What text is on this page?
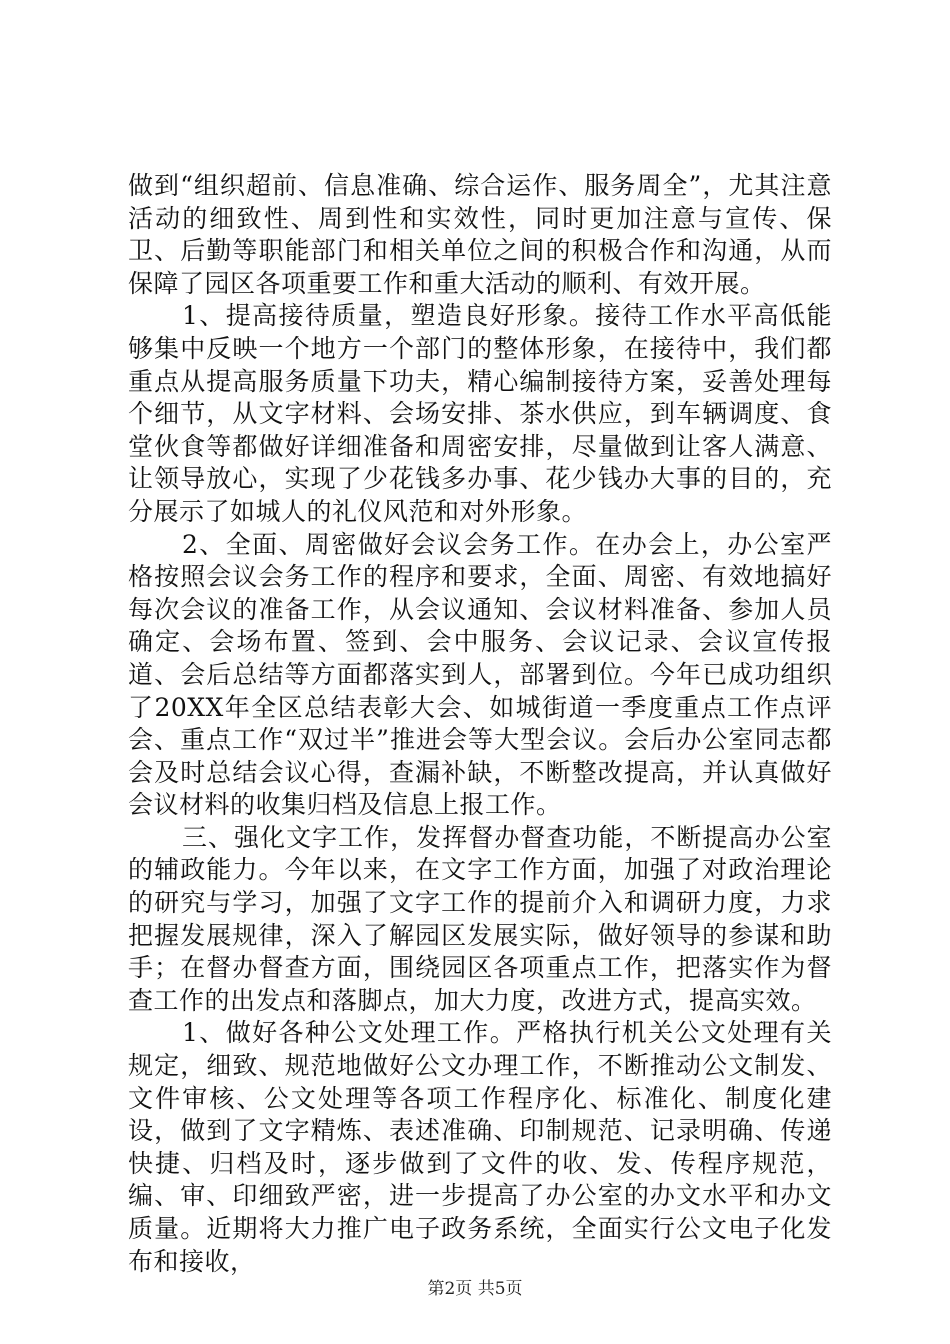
做到“组织超前、信息准确、综合运作、服务周全”，尤其注意活动的细致性、周到性和实效性，同时更加注意与宣传、保卫、后勤等职能部门和相关单位之间的积极合作和沟通，从而保障了园区各项重要工作和重大活动的顺利、有效开展。

1、提高接待质量，塑造良好形象。接待工作水平高低能够集中反映一个地方一个部门的整体形象，在接待中，我们都重点从提高服务质量下功夫，精心编制接待方案，妥善处理每个细节，从文字材料、会场安排、茶水供应，到车辆调度、食堂伙食等都做好详细准备和周密安排，尽量做到让客人满意、让领导放心，实现了少花钱多办事、花少钱办大事的目的，充分展示了如城人的礼仪风范和对外形象。

2、全面、周密做好会议会务工作。在办会上，办公室严格按照会议会务工作的程序和要求，全面、周密、有效地搞好每次会议的准备工作，从会议通知、会议材料准备、参加人员确定、会场布置、签到、会中服务、会议记录、会议宣传报道、会后总结等方面都落实到人，部署到位。今年已成功组织了20XX年全区总结表彰大会、如城街道一季度重点工作点评会、重点工作“双过半”推进会等大型会议。会后办公室同志都会及时总结会议心得，查漏补缺，不断整改提高，并认真做好会议材料的收集归档及信息上报工作。

三、强化文字工作，发挥督办督查功能，不断提高办公室的辅政能力。今年以来，在文字工作方面，加强了对政治理论的研究与学习，加强了文字工作的提前介入和调研力度，力求把握发展规律，深入了解园区发展实际，做好领导的参谋和助手；在督办督查方面，围绕园区各项重点工作，把落实作为督查工作的出发点和落脚点，加大力度，改进方式，提高实效。

1、做好各种公文处理工作。严格执行机关公文处理有关规定，细致、规范地做好公文办理工作，不断推动公文制发、文件审核、公文处理等各项工作程序化、标准化、制度化建设，做到了文字精炼、表述准确、印制规范、记录明确、传递快捷、归档及时，逐步做到了文件的收、发、传程序规范，编、审、印细致严密，进一步提高了办公室的办文水平和办文质量。近期将大力推广电子政务系统，全面实行公文电子化发布和接收，

第2页 共5页
